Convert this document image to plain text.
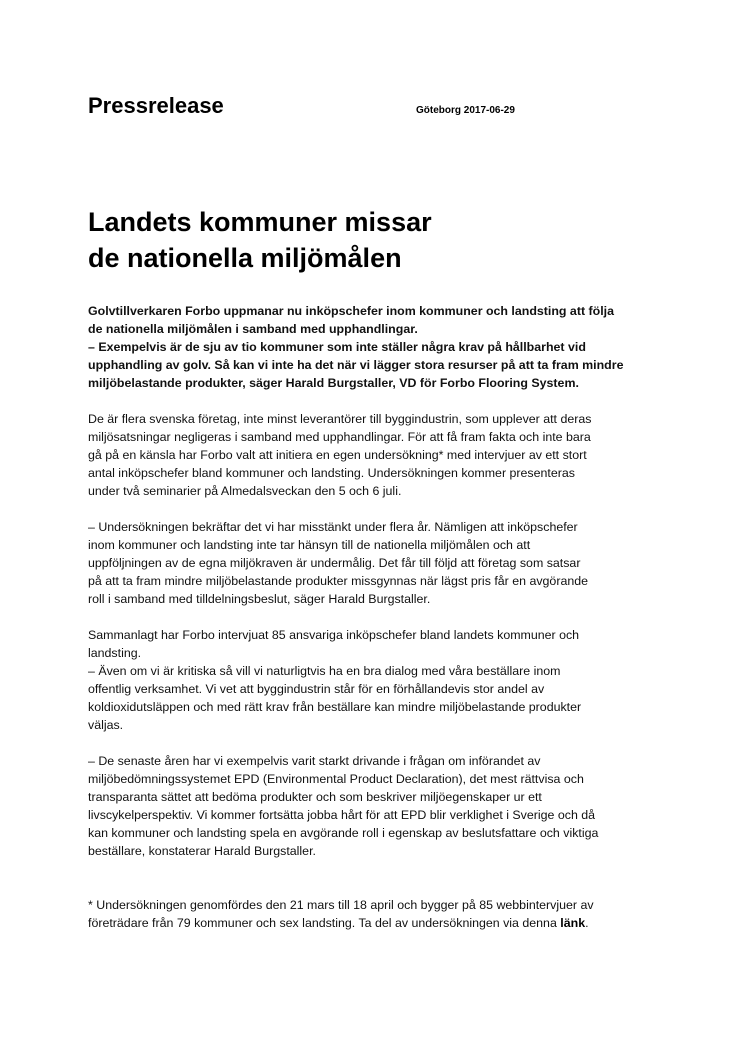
Pressrelease	Göteborg 2017-06-29
Landets kommuner missar
de nationella miljömålen

Golvtillverkaren Forbo uppmanar nu inköpschefer inom kommuner och landsting att följa
de nationella miljömålen i samband med upphandlingar.
– Exempelvis är de sju av tio kommuner som inte ställer några krav på hållbarhet vid
upphandling av golv. Så kan vi inte ha det när vi lägger stora resurser på att ta fram mindre
miljöbelastande produkter, säger Harald Burgstaller, VD för Forbo Flooring System.

De är flera svenska företag, inte minst leverantörer till byggindustrin, som upplever att deras
miljösatsningar negligeras i samband med upphandlingar. För att få fram fakta och inte bara
gå på en känsla har Forbo valt att initiera en egen undersökning* med intervjuer av ett stort
antal inköpschefer bland kommuner och landsting. Undersökningen kommer presenteras
under två seminarier på Almedalsveckan den 5 och 6 juli.

– Undersökningen bekräftar det vi har misstänkt under flera år. Nämligen att inköpschefer
inom kommuner och landsting inte tar hänsyn till de nationella miljömålen och att
uppföljningen av de egna miljökraven är undermålig. Det får till följd att företag som satsar
på att ta fram mindre miljöbelastande produkter missgynnas när lägst pris får en avgörande
roll i samband med tilldelningsbeslut, säger Harald Burgstaller.

Sammanlagt har Forbo intervjuat 85 ansvariga inköpschefer bland landets kommuner och
landsting.
– Även om vi är kritiska så vill vi naturligtvis ha en bra dialog med våra beställare inom
offentlig verksamhet. Vi vet att byggindustrin står för en förhållandevis stor andel av
koldioxidutsläppen och med rätt krav från beställare kan mindre miljöbelastande produkter
väljas.

– De senaste åren har vi exempelvis varit starkt drivande i frågan om införandet av
miljöbedömningssystemet EPD (Environmental Product Declaration), det mest rättvisa och
transparanta sättet att bedöma produkter och som beskriver miljöegenskaper ur ett
livscykelperspektiv. Vi kommer fortsätta jobba hårt för att EPD blir verklighet i Sverige och då
kan kommuner och landsting spela en avgörande roll i egenskap av beslutsfattare och viktiga
beställare, konstaterar Harald Burgstaller.

* Undersökningen genomfördes den 21 mars till 18 april och bygger på 85 webbintervjuer av
företrädare från 79 kommuner och sex landsting. Ta del av undersökningen via denna länk.
